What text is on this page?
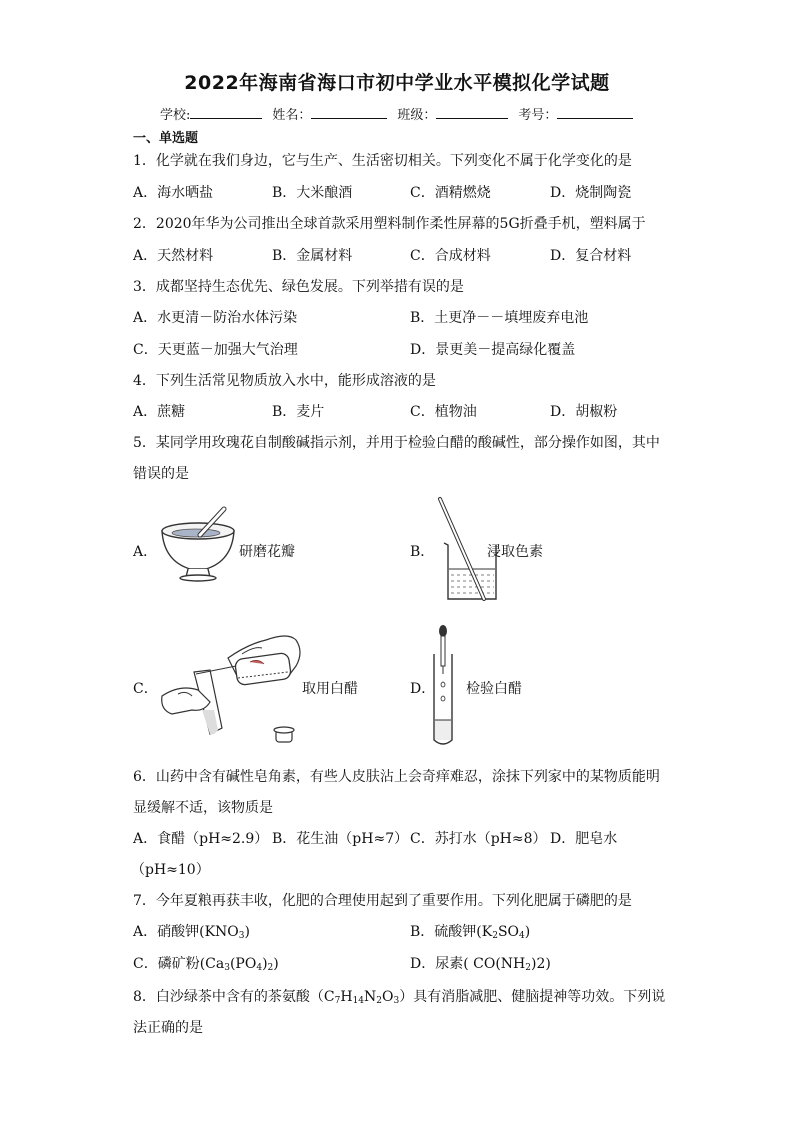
2022年海南省海口市初中学业水平模拟化学试题
学校:	姓名：	班级：	考号：
一、单选题
1．化学就在我们身边，它与生产、生活密切相关。下列变化不属于化学变化的是
A．海水晒盐	B．大米酿酒	C．酒精燃烧	D．烧制陶瓷
2．2020年华为公司推出全球首款采用塑料制作柔性屏幕的5G折叠手机，塑料属于
A．天然材料	B．金属材料	C．合成材料	D．复合材料
3．成都坚持生态优先、绿色发展。下列举措有误的是
A．水更清－防治水体污染	B．土更净－－填埋废弃电池
C．天更蓝－加强大气治理	D．景更美－提高绿化覆盖
4．下列生活常见物质放入水中，能形成溶液的是
A．蔗糖	B．麦片	C．植物油	D．胡椒粉
5．某同学用玫瑰花自制酸碱指示剂，并用于检验白醋的酸碱性，部分操作如图，其中
错误的是
A．	研磨花瓣	B．	浸取色素
C．	取用白醋	D． 检验白醋
6．山药中含有碱性皂角素，有些人皮肤沾上会奇痒难忍，涂抹下列家中的某物质能明
显缓解不适，该物质是
A．食醋（pH≈2.9） B．花生油（pH≈7） C．苏打水（pH≈8） D．肥皂水
（pH≈10）
7．今年夏粮再获丰收，化肥的合理使用起到了重要作用。下列化肥属于磷肥的是
A．硝酸钾$(KNO_3)$	B．硫酸钾$(K_2SO_4)$
C．磷矿粉$(Ca_3(PO_4)_2)$	D．尿素( $CO(NH_2)2$)
8．白沙绿茶中含有的茶氨酸$(C_7H_{14}N_2O_3)$具有消脂减肥、健脑提神等功效。下列说
法正确的是
